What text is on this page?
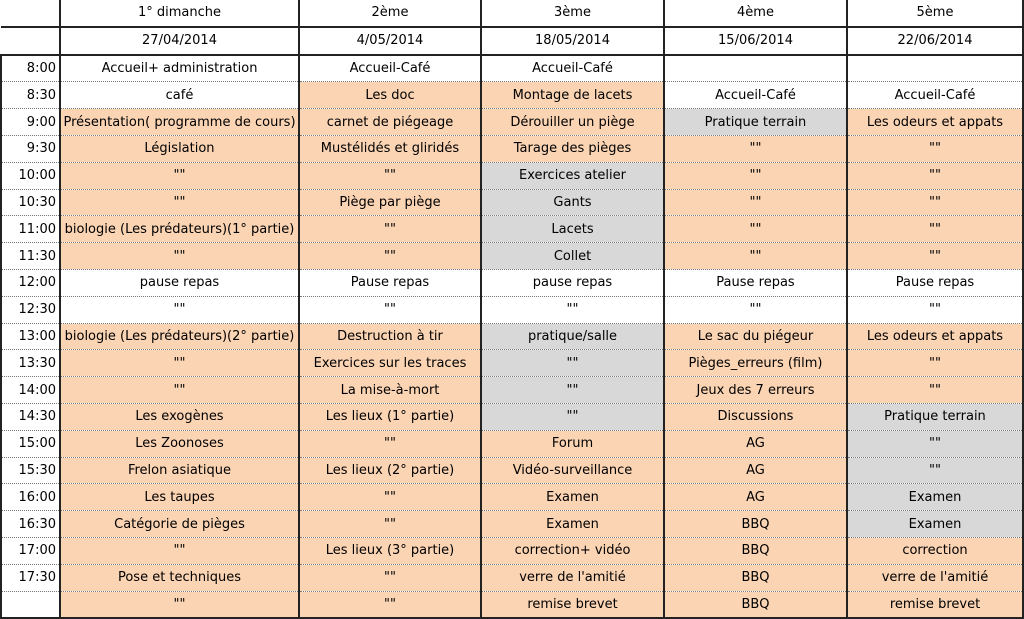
	1° dimanche	2ème	3ème	4ème	5ème
	27/04/2014	4/05/2014	18/05/2014	15/06/2014	22/06/2014
8:00	Accueil+ administration	Accueil-Café	Accueil-Café		
8:30	café	Les doc	Montage de lacets	Accueil-Café	Accueil-Café
9:00	Présentation( programme de cours)	carnet de piégeage	Dérouiller un piège	Pratique terrain	Les odeurs et appats
9:30	Législation	Mustélidés et gliridés	Tarage des pièges	""	""
10:00	""	""	Exercices atelier	""	""
10:30	""	Piège par piège	Gants	""	""
11:00	biologie (Les prédateurs)(1° partie)	""	Lacets	""	""
11:30	""	""	Collet	""	""
12:00	pause repas	Pause repas	pause repas	Pause repas	Pause repas
12:30	""	""	""	""	""
13:00	biologie (Les prédateurs)(2° partie)	Destruction à tir	pratique/salle	Le sac du piégeur	Les odeurs et appats
13:30	""	Exercices sur les traces	""	Pièges_erreurs (film)	""
14:00	""	La mise-à-mort	""	Jeux des 7 erreurs	""
14:30	Les exogènes	Les lieux (1° partie)	""	Discussions	Pratique terrain
15:00	Les Zoonoses	""	Forum	AG	""
15:30	Frelon asiatique	Les lieux (2° partie)	Vidéo-surveillance	AG	""
16:00	Les taupes	""	Examen	AG	Examen
16:30	Catégorie de pièges	""	Examen	BBQ	Examen
17:00	""	Les lieux (3° partie)	correction+ vidéo	BBQ	correction
17:30	Pose et techniques	""	verre de l'amitié	BBQ	verre de l'amitié
	""	""	remise brevet	BBQ	remise brevet
